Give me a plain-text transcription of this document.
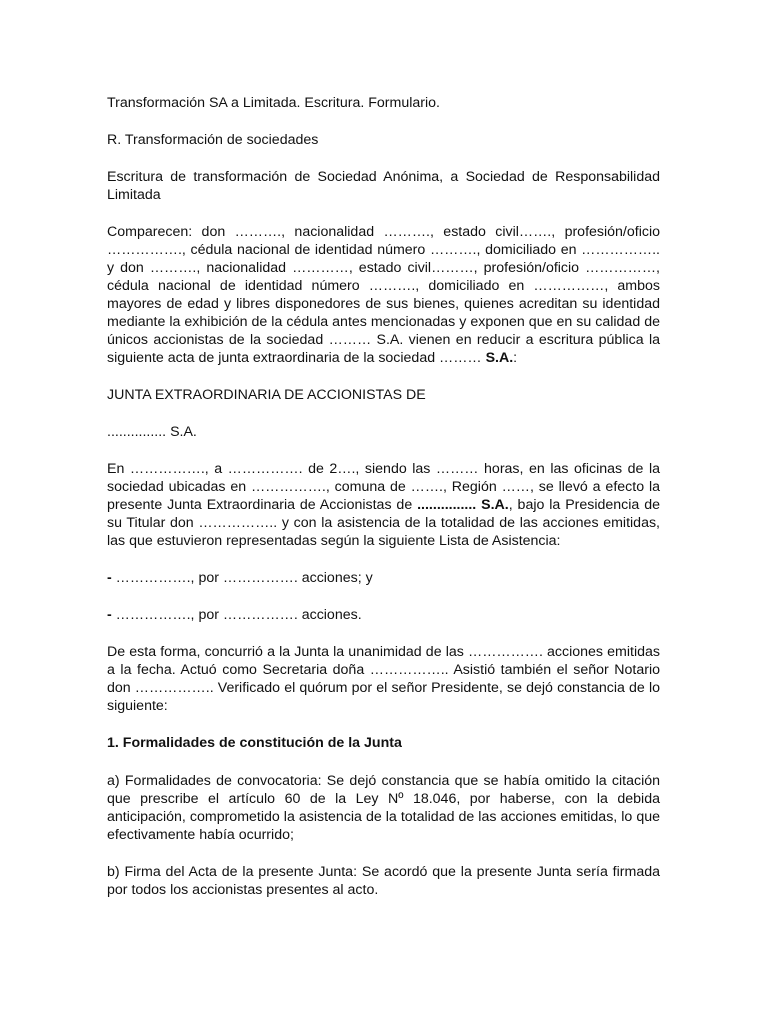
Transformación SA a Limitada. Escritura. Formulario.

R. Transformación de sociedades

Escritura de transformación de Sociedad Anónima, a Sociedad de Responsabilidad Limitada

Comparecen: don ………., nacionalidad ………., estado civil……., profesión/oficio ……………., cédula nacional de identidad número ………., domiciliado en …………….. y don ………., nacionalidad …………, estado civil………, profesión/oficio ……………, cédula nacional de identidad número ………., domiciliado en ……………, ambos mayores de edad y libres disponedores de sus bienes, quienes acreditan su identidad mediante la exhibición de la cédula antes mencionadas y exponen que en su calidad de únicos accionistas de la sociedad ……… S.A. vienen en reducir a escritura pública la siguiente acta de junta extraordinaria de la sociedad ……… S.A.:

JUNTA EXTRAORDINARIA DE ACCIONISTAS DE

............... S.A.

En ……………., a ……………. de 2…., siendo las ……… horas, en las oficinas de la sociedad ubicadas en ……………., comuna de ……., Región ……, se llevó a efecto la presente Junta Extraordinaria de Accionistas de ............... S.A., bajo la Presidencia de su Titular don …………….. y con la asistencia de la totalidad de las acciones emitidas, las que estuvieron representadas según la siguiente Lista de Asistencia:

- ……………., por ……………. acciones; y

- ……………., por ……………. acciones.

De esta forma, concurrió a la Junta la unanimidad de las ……………. acciones emitidas a la fecha. Actuó como Secretaria doña …………….. Asistió también el señor Notario don …………….. Verificado el quórum por el señor Presidente, se dejó constancia de lo siguiente:

1. Formalidades de constitución de la Junta

a) Formalidades de convocatoria: Se dejó constancia que se había omitido la citación que prescribe el artículo 60 de la Ley Nº 18.046, por haberse, con la debida anticipación, comprometido la asistencia de la totalidad de las acciones emitidas, lo que efectivamente había ocurrido;

b) Firma del Acta de la presente Junta: Se acordó que la presente Junta sería firmada por todos los accionistas presentes al acto.
